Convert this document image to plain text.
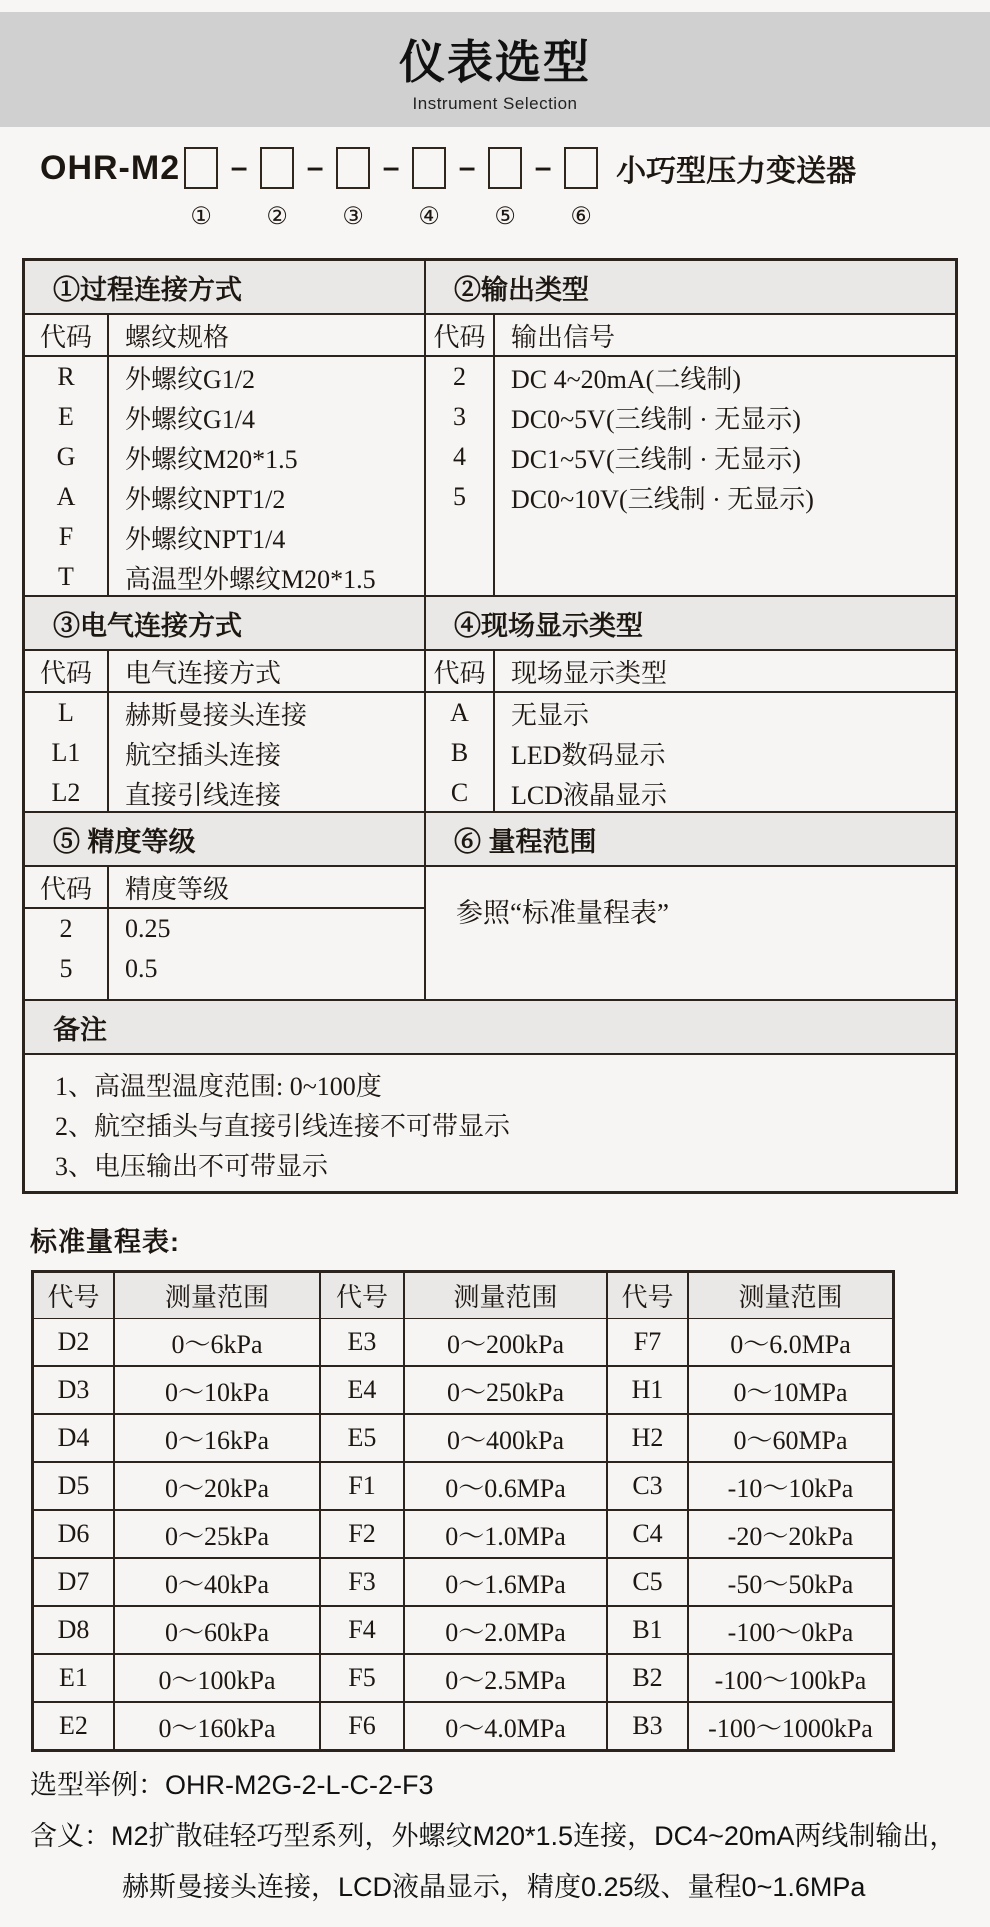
仪表选型
Instrument Selection
OHR-M2	–	–	–	–	–	小巧型压力变送器
① ② ③ ④ ⑤ ⑥
①过程连接方式	②输出类型
代码	螺纹规格
R	外螺纹G1/2
E	外螺纹G1/4
G	外螺纹M20*1.5
A	外螺纹NPT1/2
F	外螺纹NPT1/4
T	高温型外螺纹M20*1.5
代码 输出信号
2	DC 4~20mA(二线制)
3	DC0~5V(三线制 · 无显示)
4	DC1~5V(三线制 · 无显示)
5	DC0~10V(三线制 · 无显示)
③电气连接方式	④现场显示类型
代码	电气连接方式
L	赫斯曼接头连接
L1	航空插头连接
L2	直接引线连接
代码 现场显示类型
A	无显示
B	LED数码显示
C	LCD液晶显示
⑤ 精度等级	⑥ 量程范围
代码	精度等级
2	0.25
5	0.5
参照“标准量程表”
备注
1、高温型温度范围: 0~100度
2、航空插头与直接引线连接不可带显示
3、电压输出不可带显示
标准量程表:
代号	测量范围	代号	测量范围	代号	测量范围
D2	0～6kPa	E3	0～200kPa	F7	0～6.0MPa
D3	0～10kPa	E4	0～250kPa	H1	0～10MPa
D4	0～16kPa	E5	0～400kPa	H2	0～60MPa
D5	0～20kPa	F1	0～0.6MPa	C3	-10～10kPa
D6	0～25kPa	F2	0～1.0MPa	C4	-20～20kPa
D7	0～40kPa	F3	0～1.6MPa	C5	-50～50kPa
D8	0～60kPa	F4	0～2.0MPa	B1	-100～0kPa
E1	0～100kPa	F5	0～2.5MPa	B2	-100～100kPa
E2	0～160kPa	F6	0～4.0MPa	B3	-100～1000kPa
选型举例：OHR-M2G-2-L-C-2-F3
含义：M2扩散硅轻巧型系列，外螺纹M20*1.5连接，DC4~20mA两线制输出，
赫斯曼接头连接，LCD液晶显示，精度0.25级、量程0~1.6MPa
